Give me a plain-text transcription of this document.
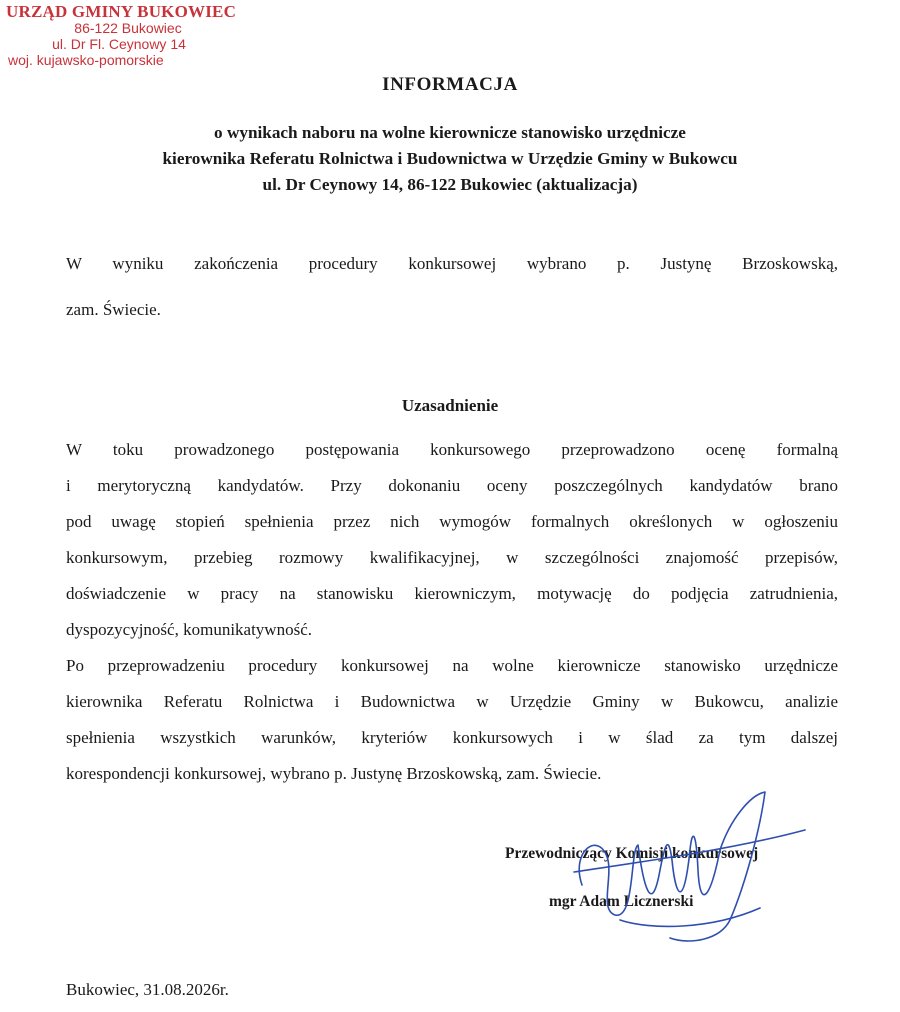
URZĄD GMINY BUKOWIEC
86-122 Bukowiec
ul. Dr Fl. Ceynowy 14
woj. kujawsko-pomorskie
INFORMACJA
o wynikach naboru na wolne kierownicze stanowisko urzędnicze
kierownika Referatu Rolnictwa i Budownictwa w Urzędzie Gminy w Bukowcu
ul. Dr Ceynowy 14, 86-122 Bukowiec (aktualizacja)
W wyniku zakończenia procedury konkursowej wybrano p. Justynę Brzoskowską,
zam. Świecie.
Uzasadnienie
W toku prowadzonego postępowania konkursowego przeprowadzono ocenę formalną
i merytoryczną kandydatów. Przy dokonaniu oceny poszczególnych kandydatów brano
pod uwagę stopień spełnienia przez nich wymogów formalnych określonych w ogłoszeniu
konkursowym, przebieg rozmowy kwalifikacyjnej, w szczególności znajomość przepisów,
doświadczenie w pracy na stanowisku kierowniczym, motywację do podjęcia zatrudnienia,
dyspozycyjność, komunikatywność.
Po przeprowadzeniu procedury konkursowej na wolne kierownicze stanowisko urzędnicze
kierownika Referatu Rolnictwa i Budownictwa w Urzędzie Gminy w Bukowcu, analizie
spełnienia wszystkich warunków, kryteriów konkursowych i w ślad za tym dalszej
korespondencji konkursowej, wybrano p. Justynę Brzoskowską, zam. Świecie.
Przewodniczący Komisji konkursowej
mgr Adam Licznerski
Bukowiec, 31.08.2026r.
